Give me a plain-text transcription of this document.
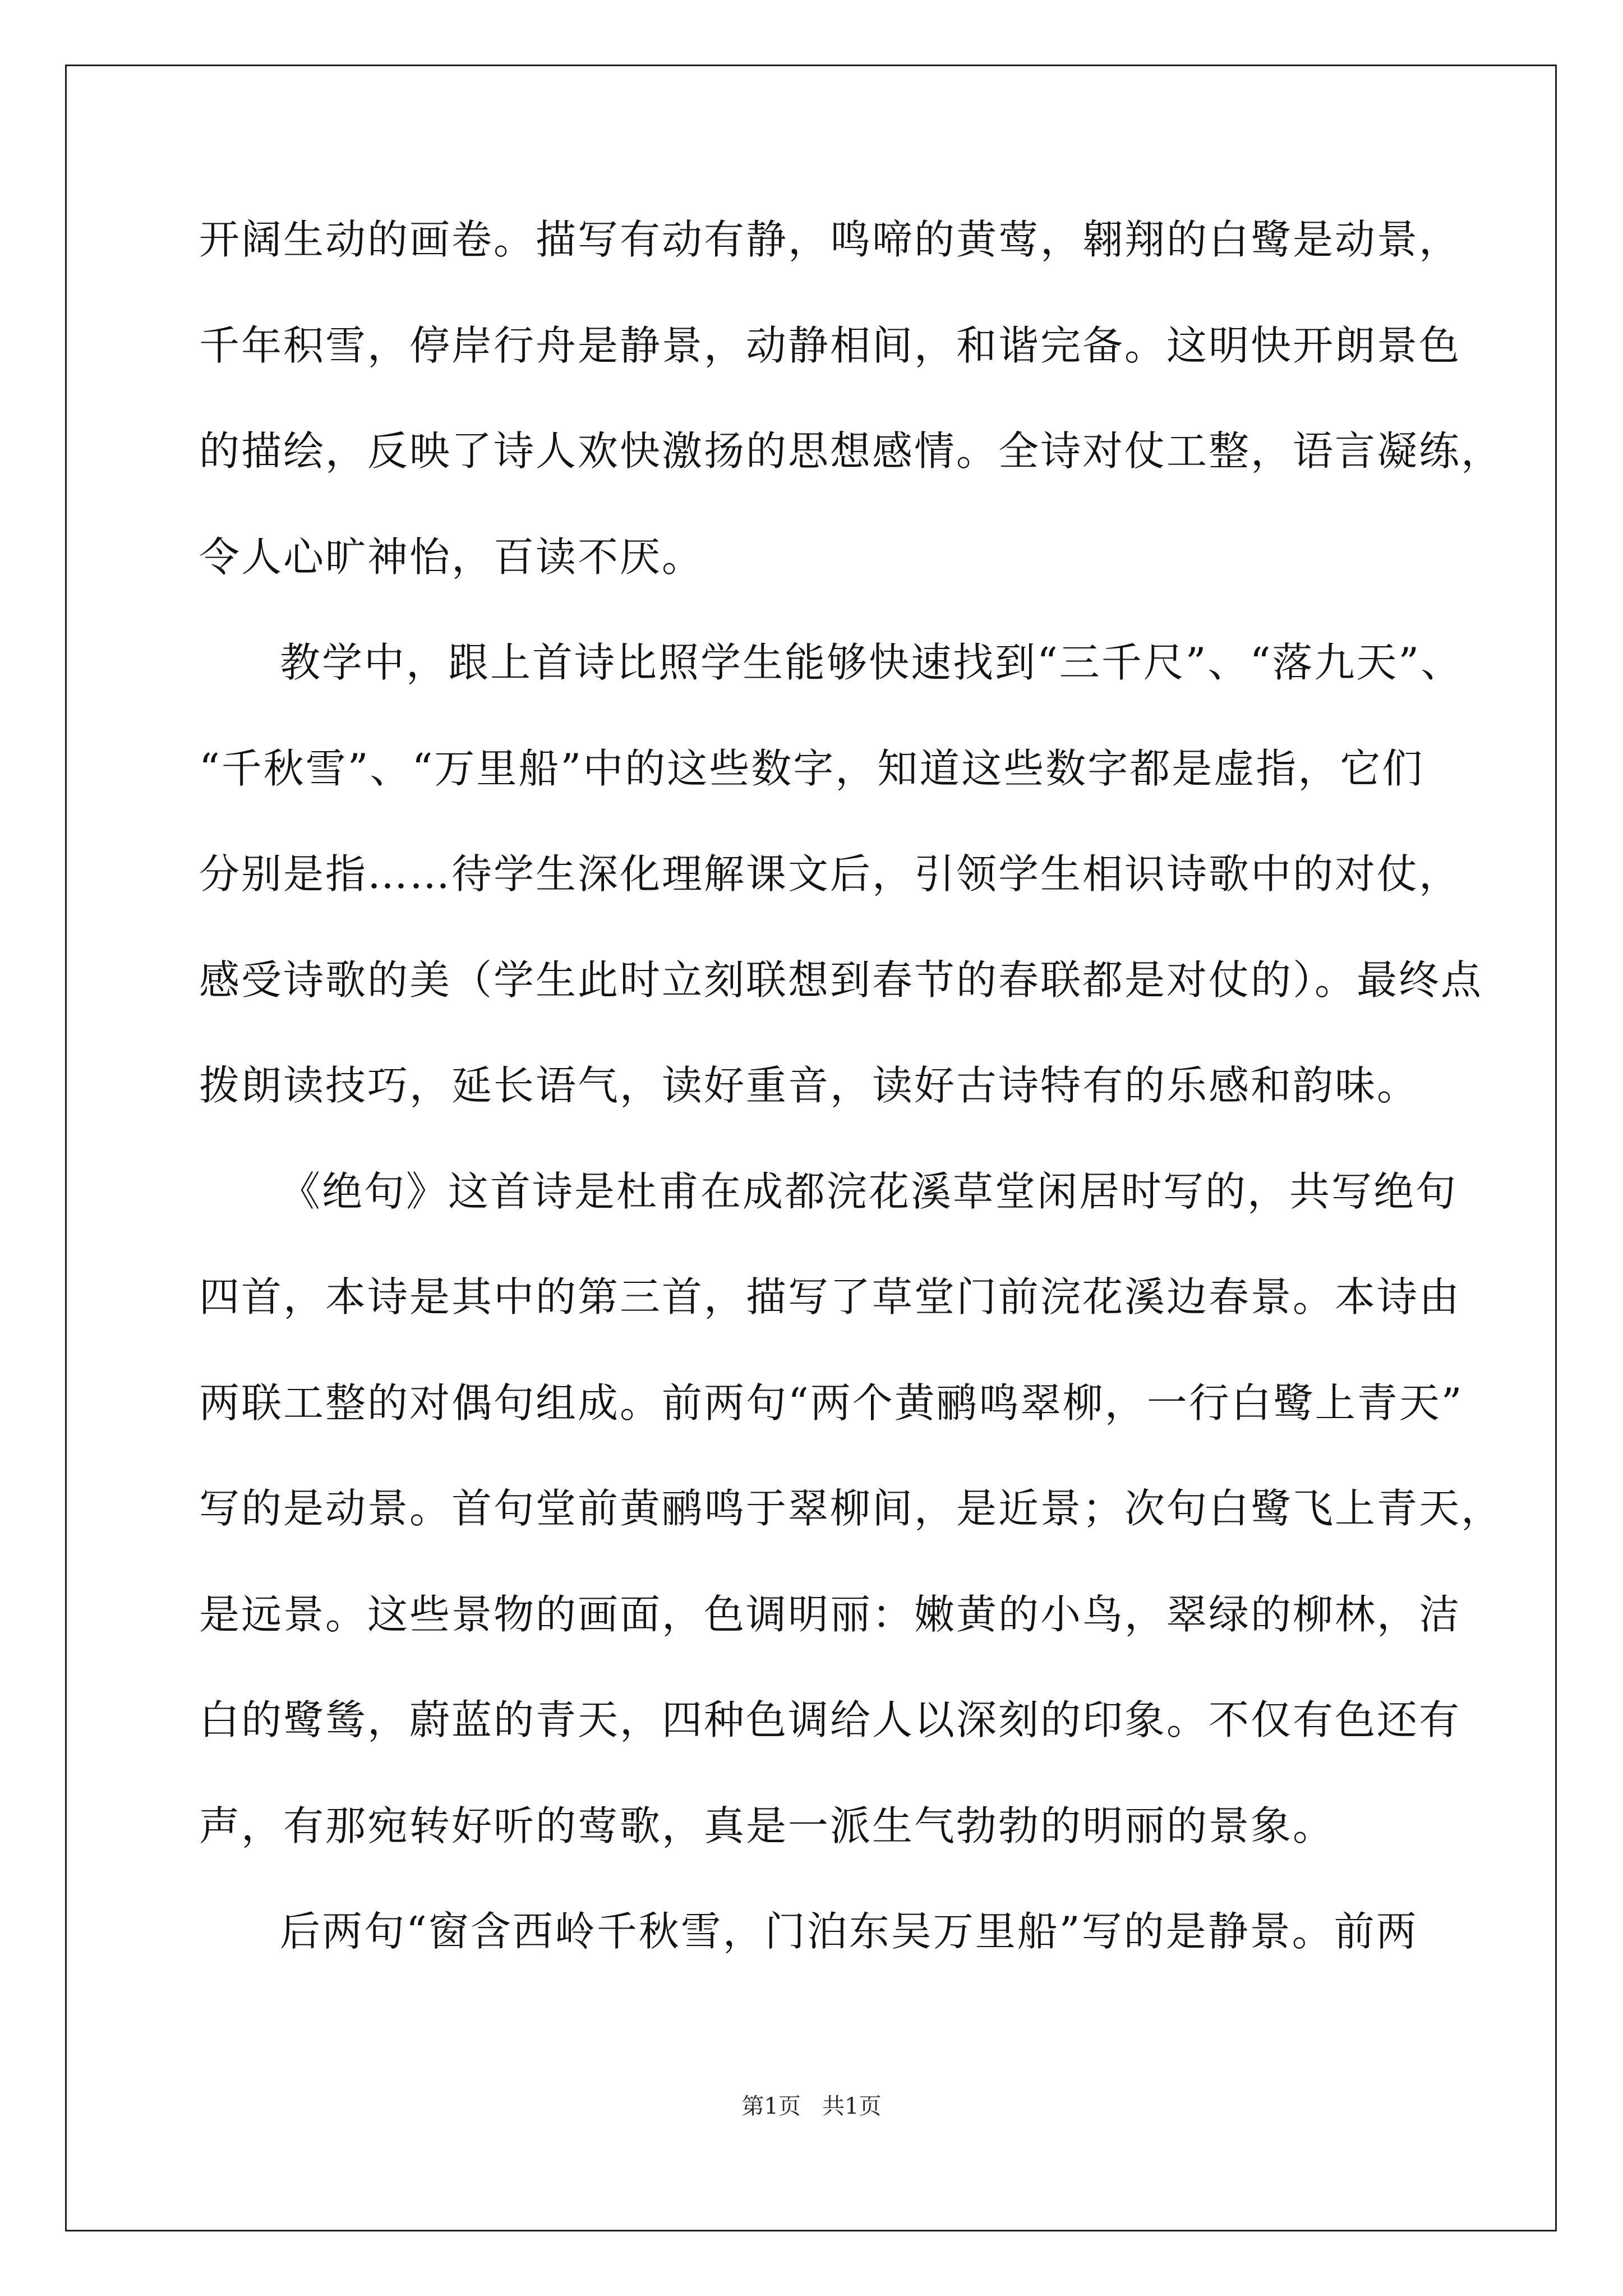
开阔生动的画卷。描写有动有静，鸣啼的黄莺，翱翔的白鹭是动景，
千年积雪，停岸行舟是静景，动静相间，和谐完备。这明快开朗景色
的描绘，反映了诗人欢快激扬的思想感情。全诗对仗工整，语言凝练，
令人心旷神怡，百读不厌。
教学中，跟上首诗比照学生能够快速找到“三千尺”、“落九天”、
“千秋雪”、“万里船”中的这些数字，知道这些数字都是虚指，它们
分别是指……待学生深化理解课文后，引领学生相识诗歌中的对仗，
感受诗歌的美（学生此时立刻联想到春节的春联都是对仗的）。最终点
拨朗读技巧，延长语气，读好重音，读好古诗特有的乐感和韵味。
《绝句》这首诗是杜甫在成都浣花溪草堂闲居时写的，共写绝句
四首，本诗是其中的第三首，描写了草堂门前浣花溪边春景。本诗由
两联工整的对偶句组成。前两句“两个黄鹂鸣翠柳，一行白鹭上青天”
写的是动景。首句堂前黄鹂鸣于翠柳间，是近景；次句白鹭飞上青天，
是远景。这些景物的画面，色调明丽：嫩黄的小鸟，翠绿的柳林，洁
白的鹭鸶，蔚蓝的青天，四种色调给人以深刻的印象。不仅有色还有
声，有那宛转好听的莺歌，真是一派生气勃勃的明丽的景象。
后两句“窗含西岭千秋雪，门泊东吴万里船”写的是静景。前两
第1页   共1页
